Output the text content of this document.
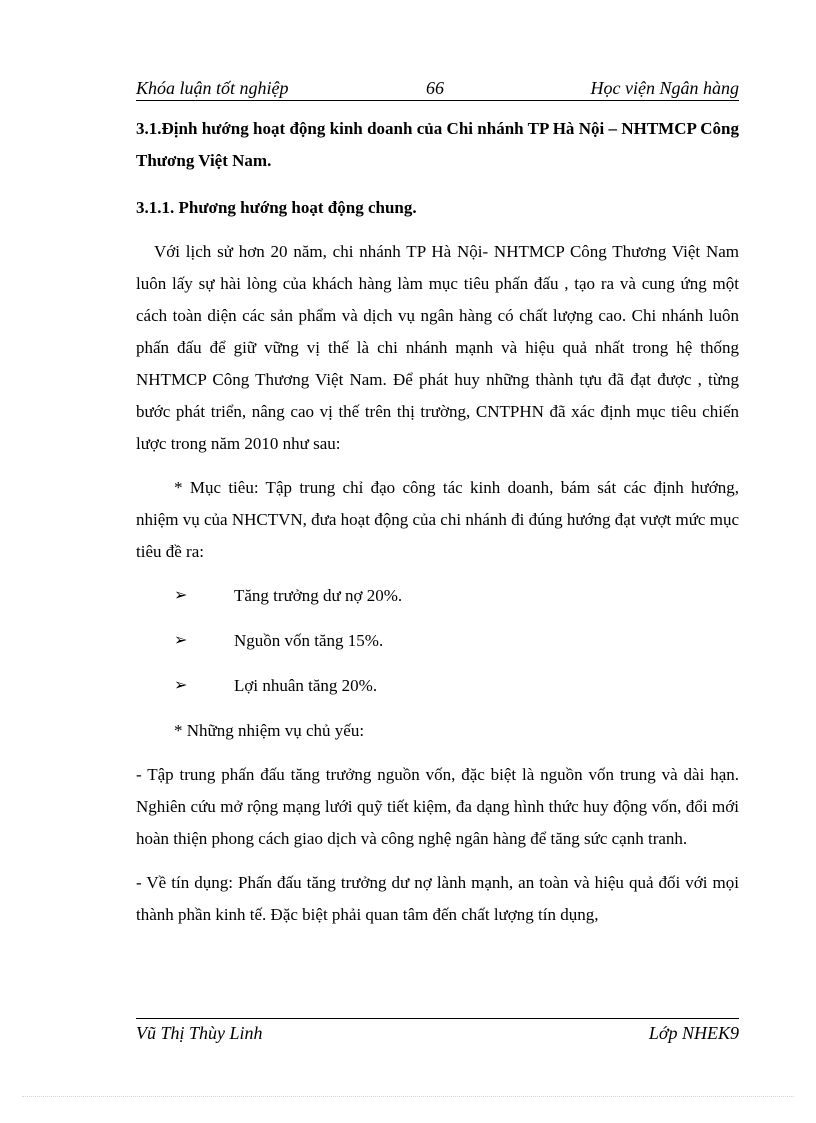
Khóa luận tốt nghiệp	66	Học viện Ngân hàng
3.1.Định hướng hoạt động kinh doanh của Chi nhánh TP Hà Nội – NHTMCP Công Thương Việt Nam.
3.1.1. Phương hướng hoạt động chung.

Với lịch sử hơn 20 năm, chi nhánh TP Hà Nội- NHTMCP Công Thương Việt Nam luôn lấy sự hài lòng của khách hàng làm mục tiêu phấn đấu , tạo ra và cung ứng một cách toàn diện các sản phẩm và dịch vụ ngân hàng có chất lượng cao. Chi nhánh luôn phấn đấu để giữ vững vị thế là chi nhánh mạnh và hiệu quả nhất trong hệ thống NHTMCP Công Thương Việt Nam. Để phát huy những thành tựu đã đạt được , từng bước phát triển, nâng cao vị thế trên thị trường, CNTPHN đã xác định mục tiêu chiến lược trong năm 2010 như sau:

* Mục tiêu: Tập trung chỉ đạo công tác kinh doanh, bám sát các định hướng, nhiệm vụ của NHCTVN, đưa hoạt động của chi nhánh đi đúng hướng đạt vượt mức mục tiêu đề ra:

➢	Tăng trưởng dư nợ 20%.
➢	Nguồn vốn tăng 15%.
➢	Lợi nhuân tăng 20%.
* Những nhiệm vụ chủ yếu:

- Tập trung phấn đấu tăng trưởng nguồn vốn, đặc biệt là nguồn vốn trung và dài hạn. Nghiên cứu mở rộng mạng lưới quỹ tiết kiệm, đa dạng hình thức huy động vốn, đổi mới hoàn thiện phong cách giao dịch và công nghệ ngân hàng để tăng sức cạnh tranh.

- Về tín dụng: Phấn đấu tăng trưởng dư nợ lành mạnh, an toàn và hiệu quả đối với mọi thành phần kinh tế. Đặc biệt phải quan tâm đến chất lượng tín dụng,

Vũ Thị Thùy Linh	Lớp NHEK9
